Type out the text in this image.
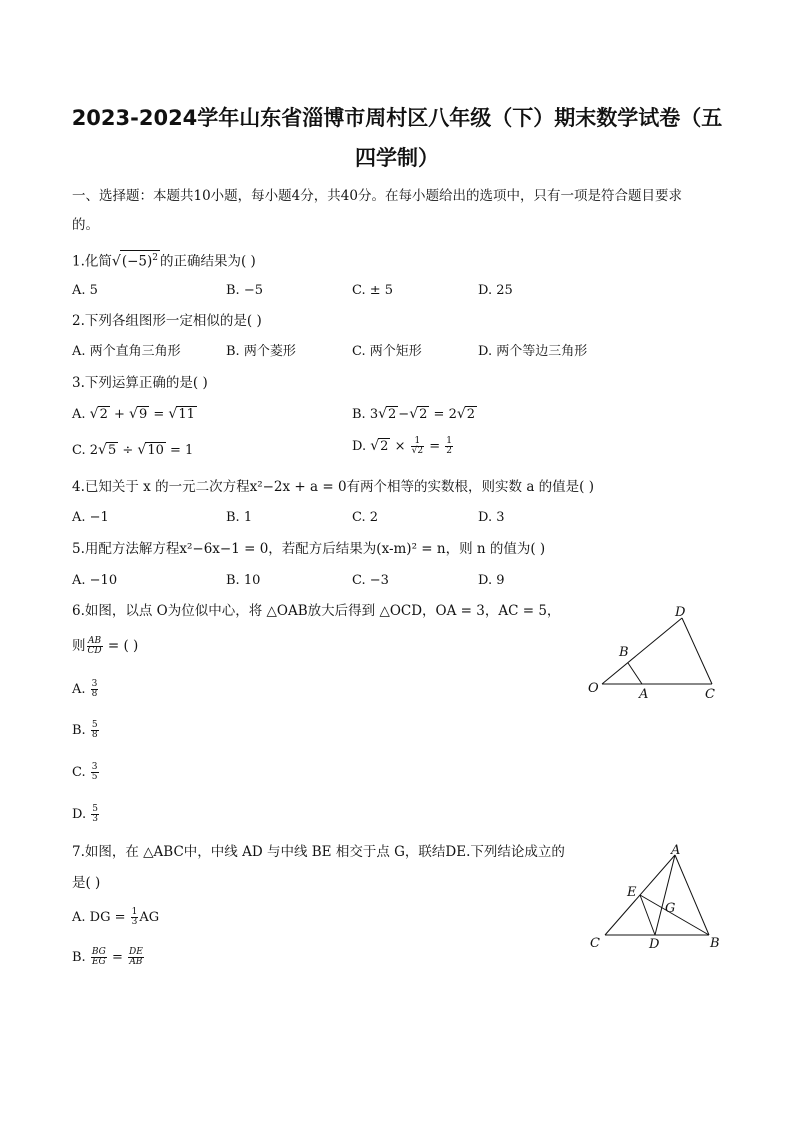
2023-2024学年山东省淄博市周村区八年级（下）期末数学试卷（五
四学制）
一、选择题：本题共10小题，每小题4分，共40分。在每小题给出的选项中，只有一项是符合题目要求
的。
1.化简$√(-5)^2$ 的正确结果为( )
A. 5	B. −5	C. ± 5	D. 25
2.下列各组图形一定相似的是( )
A. 两个直角三角形	B. 两个菱形	C. 两个矩形	D. 两个等边三角形
3.下列运算正确的是( )
A. √2 + √9 = √11	B. 3√2 −√2 = 2√2
C. 2√5 ÷ √10 = 1	D. $√2 \times \frac{1}{√2} = \frac{1}{2}$
4.已知关于 x 的一元二次方程x²−2x + a = 0有两个相等的实数根，则实数 a 的值是( )
A. −1	B. 1	C. 2	D. 3
5.用配方法解方程x²−6x−1 = 0，若配方后结果为(x-m)² = n，则 n 的值为( )
A. −10	B. 10	C. −3	D. 9
6.如图，以点 O为位似中心，将 △OAB放大后得到 △OCD，OA = 3，AC = 5，
则 $\frac{AB}{CD}$ = ( )
A. $\frac{3}{8}$
B. $\frac{5}{8}$
C. $\frac{3}{5}$
D. $\frac{5}{3}$
D
B
O	A	C
7.如图，在 △ABC中，中线 AD 与中线 BE 相交于点 G，联结DE.下列结论成立的
是( )
A. DG = $\frac{1}{3}$ AG
B. $\frac{BG}{EG} = \frac{DE}{AB}$
A
E
G
C	D	B
